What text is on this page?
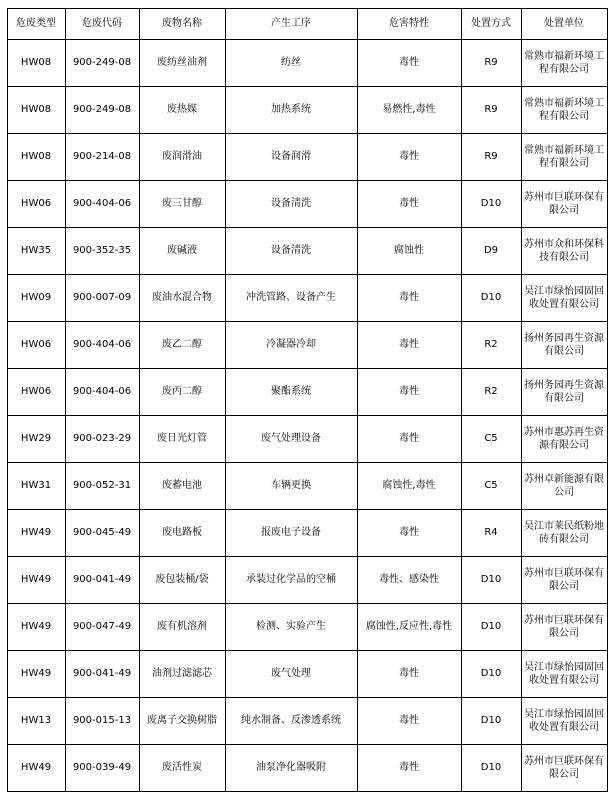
危废类型	危废代码	废物名称	产生工序	危害特性	处置方式	处置单位
HW08	900-249-08	废纺丝油剂	纺丝	毒性	R9	常熟市福新环境工程有限公司
HW08	900-249-08	废热媒	加热系统	易燃性,毒性	R9	常熟市福新环境工程有限公司
HW08	900-214-08	废润滑油	设备润滑	毒性	R9	常熟市福新环境工程有限公司
HW06	900-404-06	废三甘醇	设备清洗	毒性	D10	苏州市巨联环保有限公司
HW35	900-352-35	废碱液	设备清洗	腐蚀性	D9	苏州市众和环保科技有限公司
HW09	900-007-09	废油水混合物	冲洗管路、设备产生	毒性	D10	吴江市绿怡园固回收处置有限公司
HW06	900-404-06	废乙二醇	冷凝器冷却	毒性	R2	扬州务园再生资源有限公司
HW06	900-404-06	废丙二醇	聚酯系统	毒性	R2	扬州务园再生资源有限公司
HW29	900-023-29	废日光灯管	废气处理设备	毒性	C5	苏州市惠苏再生资源有限公司
HW31	900-052-31	废蓄电池	车辆更换	腐蚀性,毒性	C5	苏州卓新能源有限公司
HW49	900-045-49	废电路板	报废电子设备	毒性	R4	吴江市莱民纸粉地砖有限公司
HW49	900-041-49	废包装桶/袋	承装过化学品的空桶	毒性、感染性	D10	苏州市巨联环保有限公司
HW49	900-047-49	废有机溶剂	检测、实验产生	腐蚀性,反应性,毒性	D10	苏州市巨联环保有限公司
HW49	900-041-49	油剂过滤滤芯	废气处理	毒性	D10	吴江市绿怡园固回收处置有限公司
HW13	900-015-13	废离子交换树脂	纯水制备、反渗透系统	毒性	D10	吴江市绿怡园固回收处置有限公司
HW49	900-039-49	废活性炭	油泵净化器吸附	毒性	D10	苏州市巨联环保有限公司
